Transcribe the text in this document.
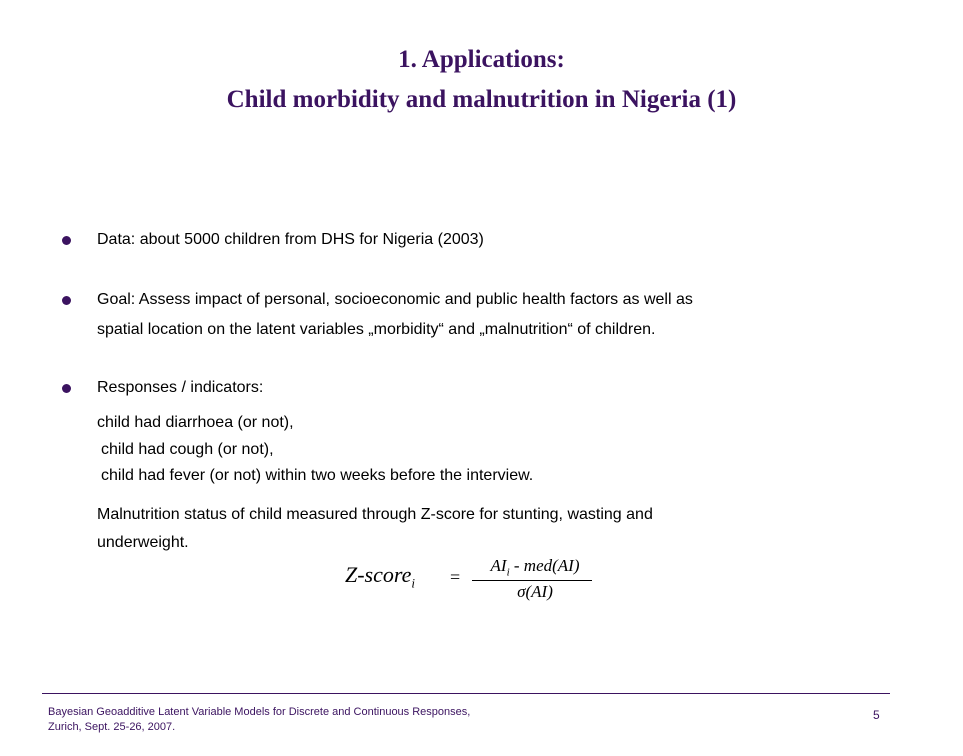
1. Applications:
Child morbidity and malnutrition in Nigeria (1)
Data: about 5000 children from DHS for Nigeria (2003)
Goal: Assess impact of personal, socioeconomic and public health factors as well as
spatial location on the latent variables „morbidity“ and „malnutrition“ of children.
Responses / indicators:
child had diarrhoea (or not),
child had cough (or not),
child had fever (or not) within two weeks before the interview.
Malnutrition status of child measured through Z-score for stunting, wasting and
underweight.
Z-score$_i$ =
$AI_i - med(AI)$
σ(AI)
Bayesian Geoadditive Latent Variable Models for Discrete and Continuous Responses,
Zurich, Sept. 25-26, 2007.
5
